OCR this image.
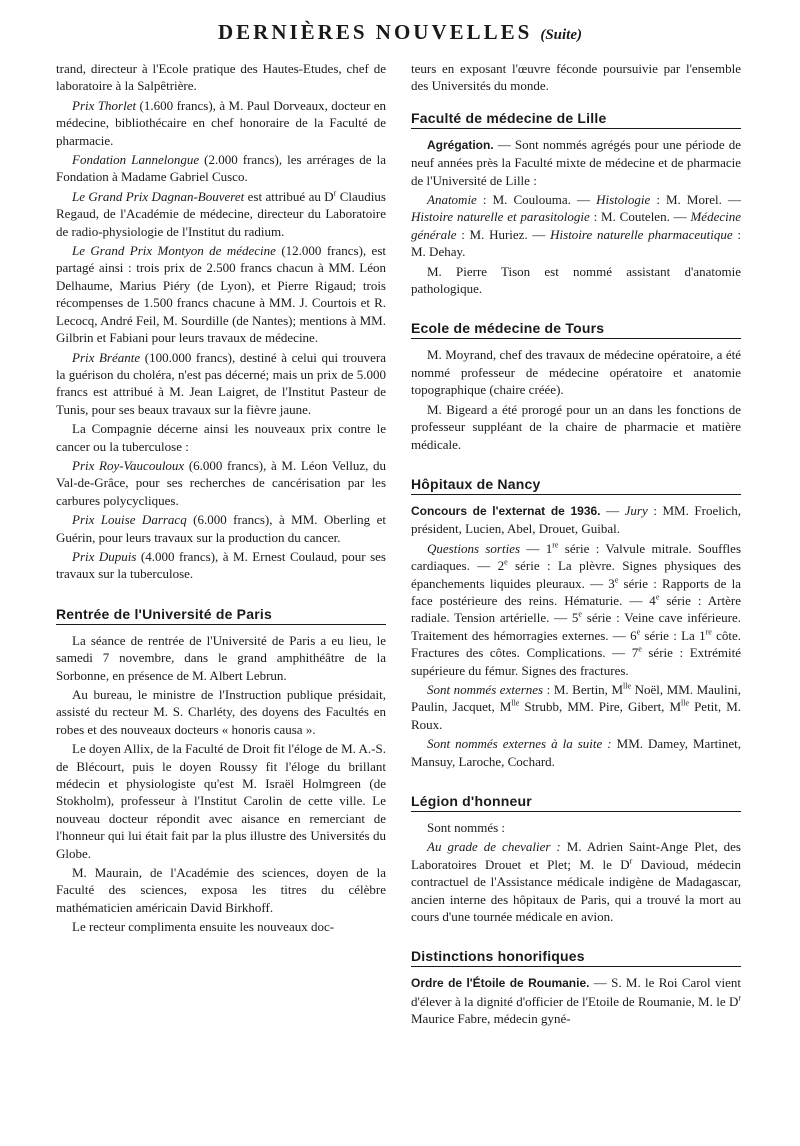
DERNIÈRES NOUVELLES (Suite)

trand, directeur à l'Ecole pratique des Hautes-Etudes, chef de laboratoire à la Salpêtrière.

Prix Thorlet (1.600 francs), à M. Paul Dorveaux, docteur en médecine, bibliothécaire en chef honoraire de la Faculté de pharmacie.

Fondation Lannelongue (2.000 francs), les arrérages de la Fondation à Madame Gabriel Cusco.

Le Grand Prix Dagnan-Bouveret est attribué au $D^r$ Claudius Regaud, de l'Académie de médecine, directeur du Laboratoire de radio-physiologie de l'Institut du radium.

Le Grand Prix Montyon de médecine (12.000 francs), est partagé ainsi : trois prix de 2.500 francs chacun à MM. Léon Delhaume, Marius Piéry (de Lyon), et Pierre Rigaud; trois récompenses de 1.500 francs chacune à MM. J. Courtois et R. Lecocq, André Feil, M. Sourdille (de Nantes); mentions à MM. Gilbrin et Fabiani pour leurs travaux de médecine.

Prix Bréante (100.000 francs), destiné à celui qui trouvera la guérison du choléra, n'est pas décerné; mais un prix de 5.000 francs est attribué à M. Jean Laigret, de l'Institut Pasteur de Tunis, pour ses beaux travaux sur la fièvre jaune.

La Compagnie décerne ainsi les nouveaux prix contre le cancer ou la tuberculose :

Prix Roy-Vaucouloux (6.000 francs), à M. Léon Velluz, du Val-de-Grâce, pour ses recherches de cancérisation par les carbures polycycliques.

Prix Louise Darracq (6.000 francs), à MM. Oberling et Guérin, pour leurs travaux sur la production du cancer.

Prix Dupuis (4.000 francs), à M. Ernest Coulaud, pour ses travaux sur la tuberculose.

Rentrée de l'Université de Paris

La séance de rentrée de l'Université de Paris a eu lieu, le samedi 7 novembre, dans le grand amphithéâtre de la Sorbonne, en présence de M. Albert Lebrun.

Au bureau, le ministre de l'Instruction publique présidait, assisté du recteur M. S. Charléty, des doyens des Facultés en robes et des nouveaux docteurs « honoris causa ».

Le doyen Allix, de la Faculté de Droit fit l'éloge de M. A.-S. de Blécourt, puis le doyen Roussy fit l'éloge du brillant médecin et physiologiste qu'est M. Israël Holmgreen (de Stokholm), professeur à l'Institut Carolin de cette ville. Le nouveau docteur répondit avec aisance en remerciant de l'honneur qui lui était fait par la plus illustre des Universités du Globe.

M. Maurain, de l'Académie des sciences, doyen de la Faculté des sciences, exposa les titres du célèbre mathématicien américain David Birkhoff.

Le recteur complimenta ensuite les nouveaux doc-

teurs en exposant l'œuvre féconde poursuivie par l'ensemble des Universités du monde.

Faculté de médecine de Lille

Agrégation. — Sont nommés agrégés pour une période de neuf années près la Faculté mixte de médecine et de pharmacie de l'Université de Lille :

Anatomie : M. Coulouma. — Histologie : M. Morel. — Histoire naturelle et parasitologie : M. Coutelen. — Médecine générale : M. Huriez. — Histoire naturelle pharmaceutique : M. Dehay.

M. Pierre Tison est nommé assistant d'anatomie pathologique.

Ecole de médecine de Tours

M. Moyrand, chef des travaux de médecine opératoire, a été nommé professeur de médecine opératoire et anatomie topographique (chaire créée).

M. Bigeard a été prorogé pour un an dans les fonctions de professeur suppléant de la chaire de pharmacie et matière médicale.

Hôpitaux de Nancy

Concours de l'externat de 1936. — Jury : MM. Froelich, président, Lucien, Abel, Drouet, Guibal.

Questions sorties — 1re série : Valvule mitrale. Souffles cardiaques. — 2e série : La plèvre. Signes physiques des épanchements liquides pleuraux. — 3e série : Rapports de la face postérieure des reins. Hématurie. — 4e série : Artère radiale. Tension artérielle. — 5e série : Veine cave inférieure. Traitement des hémorragies externes. — 6e série : La 1re côte. Fractures des côtes. Complications. — 7e série : Extrémité supérieure du fémur. Signes des fractures.

Sont nommés externes : M. Bertin, $M^{lle}$ Noël, MM. Maulini, Paulin, Jacquet, $M^{lle}$ Strubb, MM. Pire, Gibert, $M^{lle}$ Petit, M. Roux.

Sont nommés externes à la suite : MM. Damey, Martinet, Mansuy, Laroche, Cochard.

Légion d'honneur

Sont nommés :

Au grade de chevalier : M. Adrien Saint-Ange Plet, des Laboratoires Drouet et Plet; M. le $D^r$ Davioud, médecin contractuel de l'Assistance médicale indigène de Madagascar, ancien interne des hôpitaux de Paris, qui a trouvé la mort au cours d'une tournée médicale en avion.

Distinctions honorifiques

Ordre de l'Étoile de Roumanie. — S. M. le Roi Carol vient d'élever à la dignité d'officier de l'Etoile de Roumanie, M. le $D^r$ Maurice Fabre, médecin gyné-
